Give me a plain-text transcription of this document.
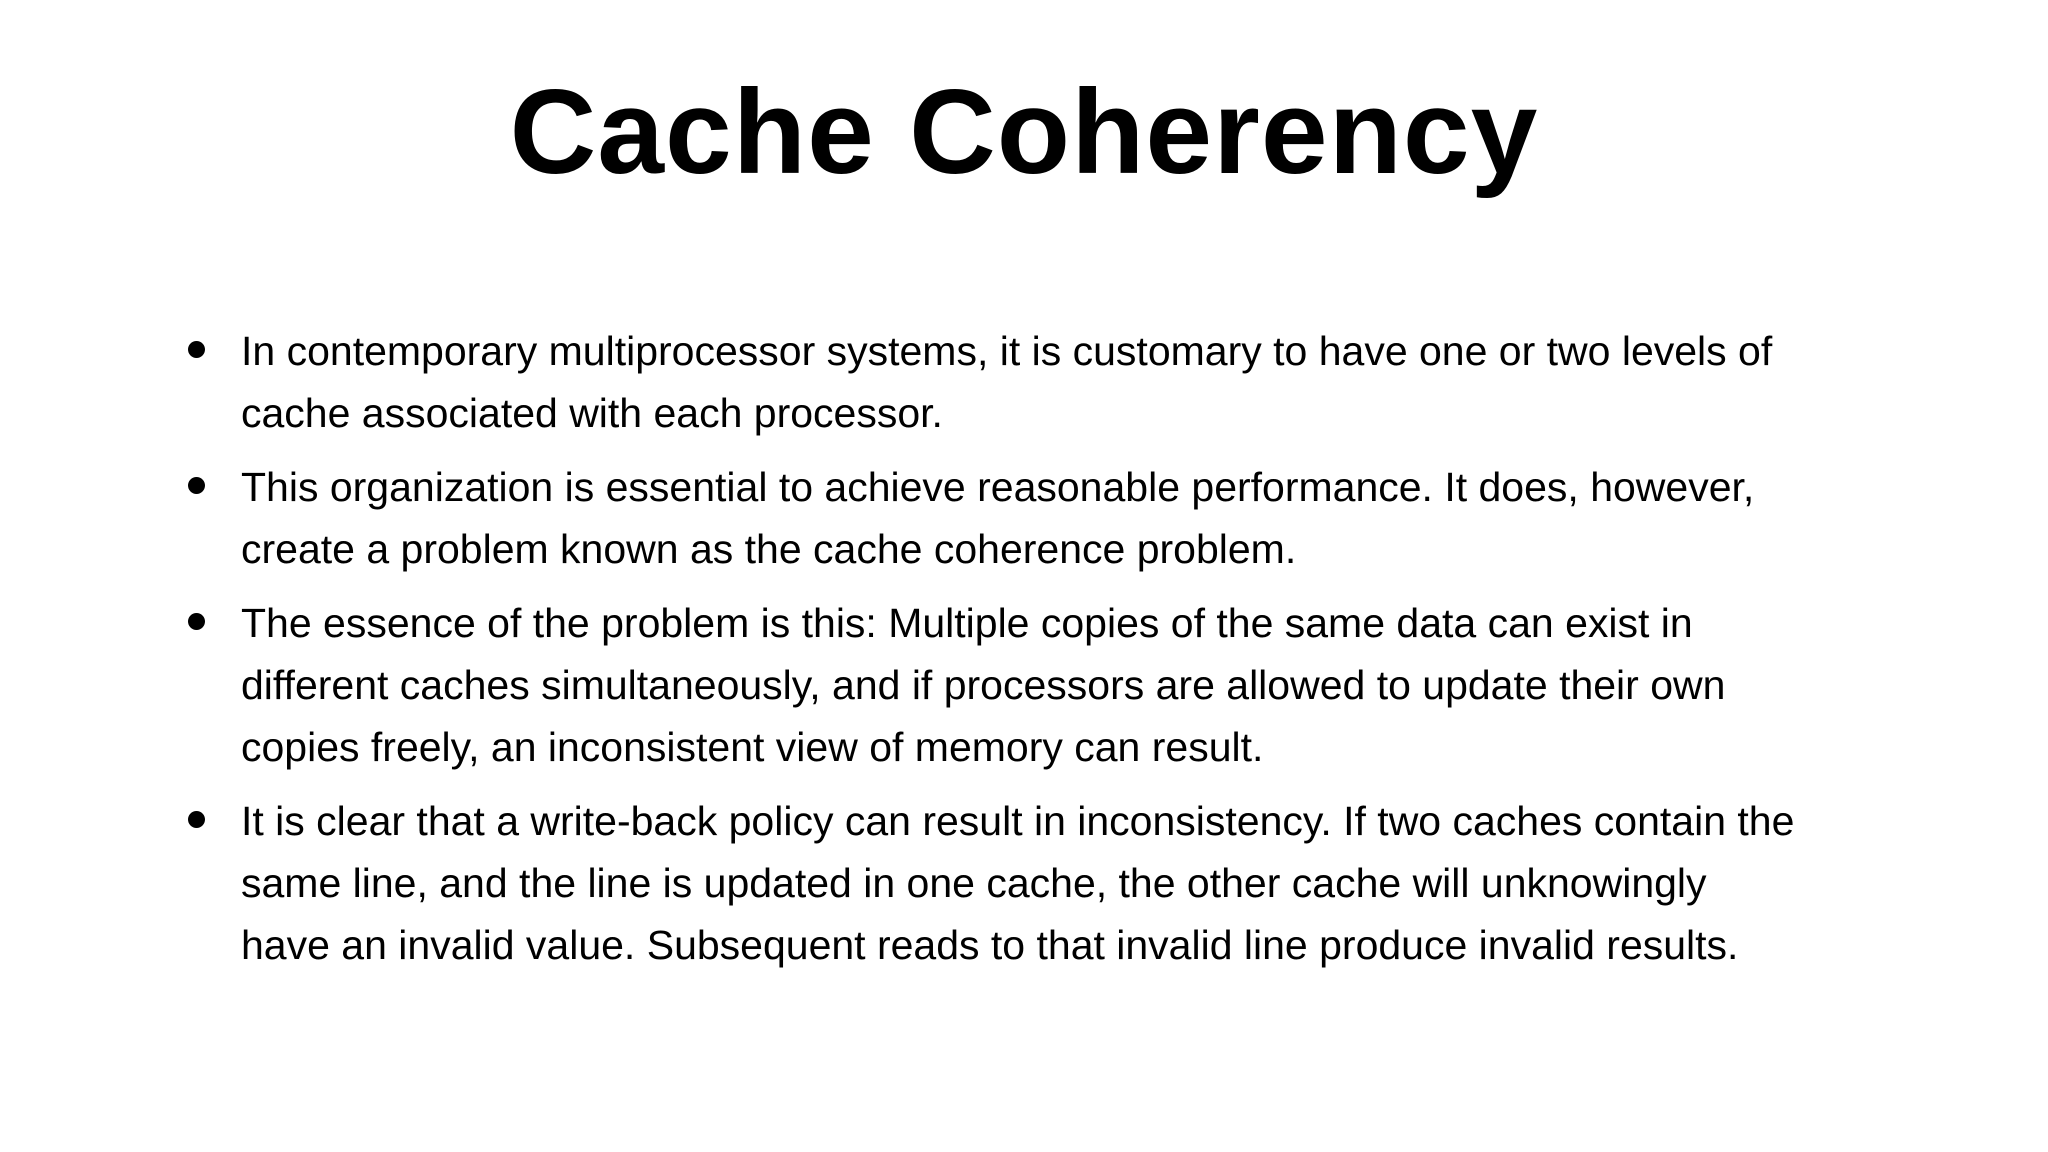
Cache Coherency
In contemporary multiprocessor systems, it is customary to have one or two levels of
cache associated with each processor.
This organization is essential to achieve reasonable performance. It does, however,
create a problem known as the cache coherence problem.
The essence of the problem is this: Multiple copies of the same data can exist in
different caches simultaneously, and if processors are allowed to update their own
copies freely, an inconsistent view of memory can result.
It is clear that a write-back policy can result in inconsistency. If two caches contain the
same line, and the line is updated in one cache, the other cache will unknowingly
have an invalid value. Subsequent reads to that invalid line produce invalid results.
